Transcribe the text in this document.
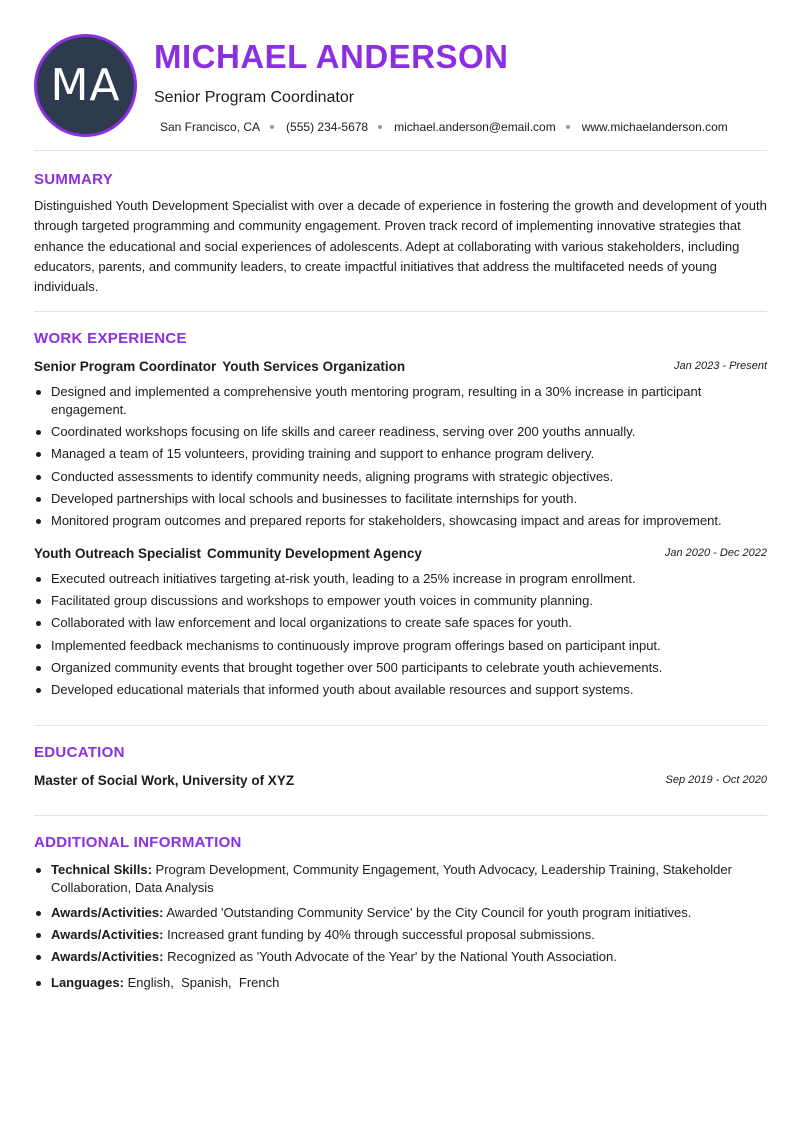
MA
MICHAEL ANDERSON
Senior Program Coordinator
San Francisco, CA (555) 234-5678 michael.anderson@email.com www.michaelanderson.com
SUMMARY
Distinguished Youth Development Specialist with over a decade of experience in fostering the growth and development of youth through targeted programming and community engagement. Proven track record of implementing innovative strategies that enhance the educational and social experiences of adolescents. Adept at collaborating with various stakeholders, including educators, parents, and community leaders, to create impactful initiatives that address the multifaceted needs of young individuals.
WORK EXPERIENCE
Senior Program Coordinator Youth Services Organization	Jan 2023 - Present
Designed and implemented a comprehensive youth mentoring program, resulting in a 30% increase in participant engagement.
Coordinated workshops focusing on life skills and career readiness, serving over 200 youths annually.
Managed a team of 15 volunteers, providing training and support to enhance program delivery.
Conducted assessments to identify community needs, aligning programs with strategic objectives.
Developed partnerships with local schools and businesses to facilitate internships for youth.
Monitored program outcomes and prepared reports for stakeholders, showcasing impact and areas for improvement.
Youth Outreach Specialist Community Development Agency	Jan 2020 - Dec 2022
Executed outreach initiatives targeting at-risk youth, leading to a 25% increase in program enrollment.
Facilitated group discussions and workshops to empower youth voices in community planning.
Collaborated with law enforcement and local organizations to create safe spaces for youth.
Implemented feedback mechanisms to continuously improve program offerings based on participant input.
Organized community events that brought together over 500 participants to celebrate youth achievements.
Developed educational materials that informed youth about available resources and support systems.
EDUCATION
Master of Social Work, University of XYZ	Sep 2019 - Oct 2020
ADDITIONAL INFORMATION
Technical Skills: Program Development, Community Engagement, Youth Advocacy, Leadership Training, Stakeholder Collaboration, Data Analysis
Awards/Activities: Awarded 'Outstanding Community Service' by the City Council for youth program initiatives.
Awards/Activities: Increased grant funding by 40% through successful proposal submissions.
Awards/Activities: Recognized as 'Youth Advocate of the Year' by the National Youth Association.
Languages: English,  Spanish,  French
